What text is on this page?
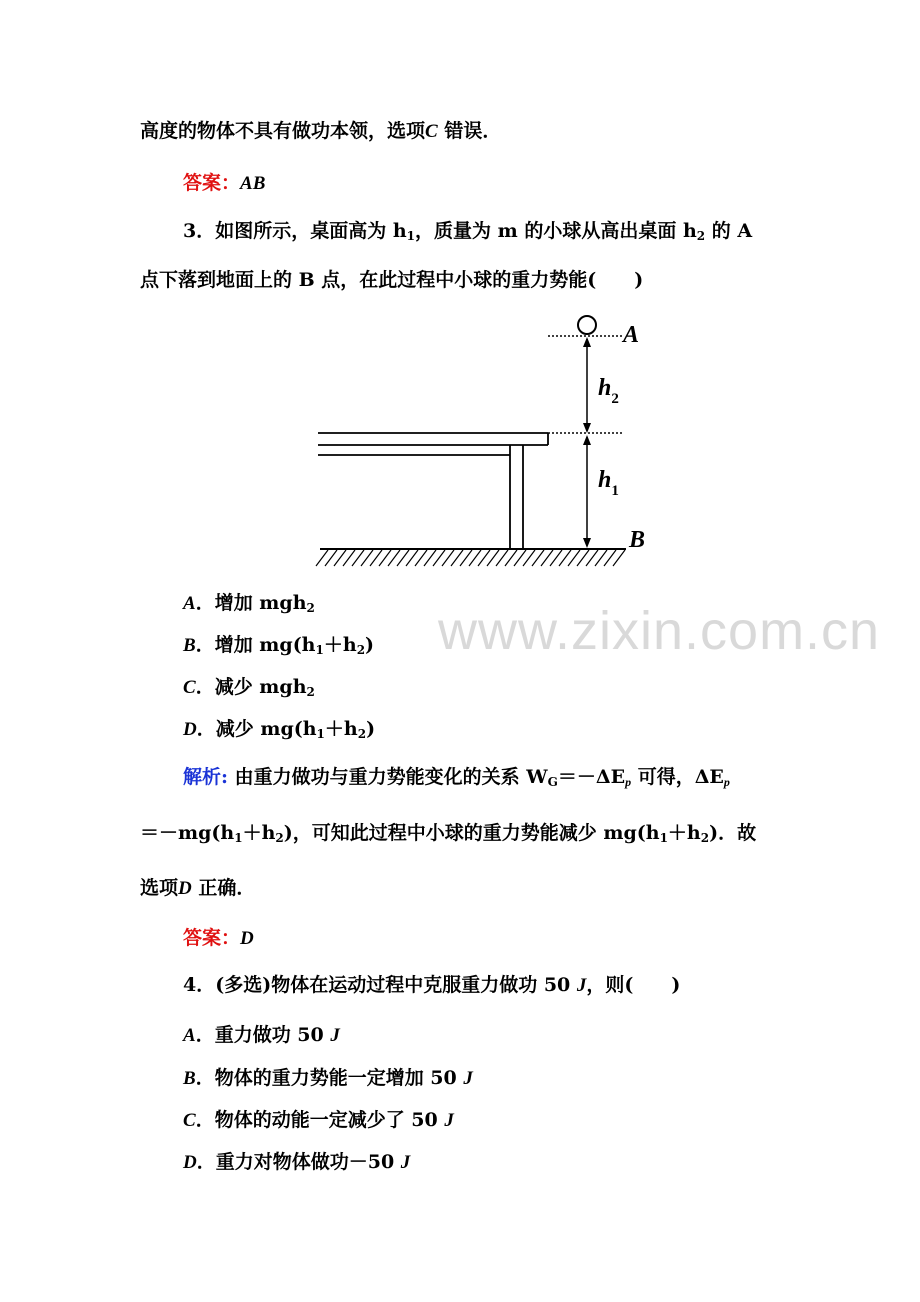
www.zixin.com.cn
高度的物体不具有做功本领，选项C 错误．
答案：AB
3．如图所示，桌面高为 $h_1$，质量为 m 的小球从高出桌面 $h_2$ 的 A
点下落到地面上的 B 点，在此过程中小球的重力势能(　　)
A
$h_2$
$h_1$
B
A．增加 mgh$_2$
B．增加 $mg(h_1+h_2)$
C．减少 mgh$_2$
D．减少 $mg(h_1+h_2)$
解析: 由重力做功与重力势能变化的关系 $W_G=-\Delta E_p$ 可得，$\Delta E_p$
$=-mg(h_1+h_2)$，可知此过程中小球的重力势能减少 $mg(h_1+h_2)$．故
选项D 正确．
答案：D
4．(多选)物体在运动过程中克服重力做功 50 J，则(　　)
A．重力做功 50 J
B．物体的重力势能一定增加 50 J
C．物体的动能一定减少了 50 J
D．重力对物体做功－50 J
